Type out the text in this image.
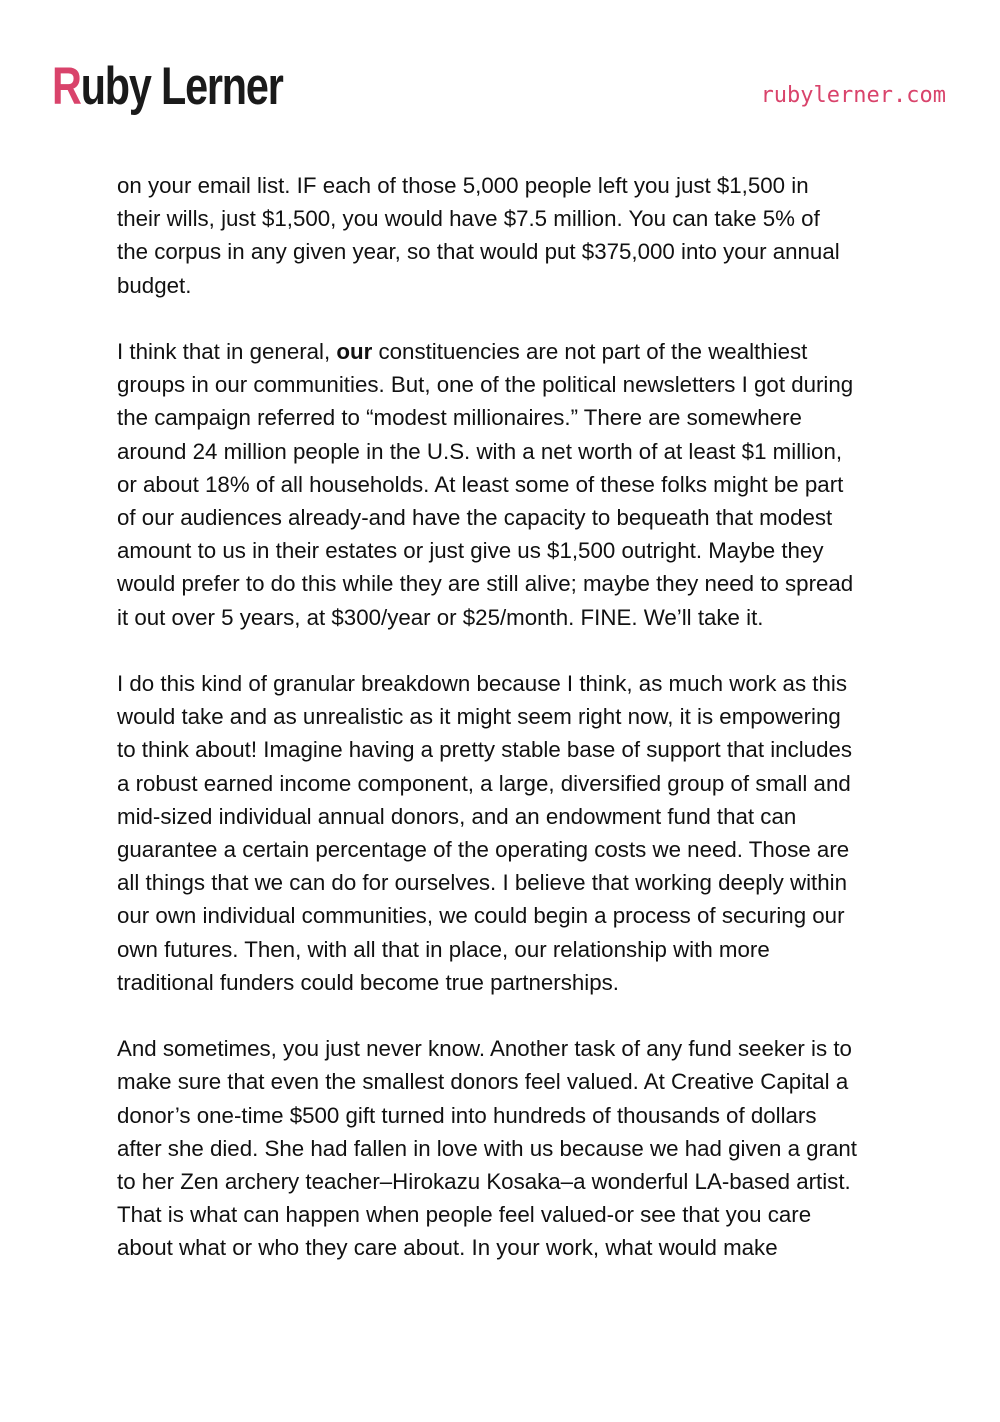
Ruby Lerner	rubylerner.com

on your email list. IF each of those 5,000 people left you just $1,500 in
their wills, just $1,500, you would have $7.5 million. You can take 5% of
the corpus in any given year, so that would put $375,000 into your annual
budget.

I think that in general, our constituencies are not part of the wealthiest
groups in our communities. But, one of the political newsletters I got during
the campaign referred to “modest millionaires.” There are somewhere
around 24 million people in the U.S. with a net worth of at least $1 million,
or about 18% of all households. At least some of these folks might be part
of our audiences already-and have the capacity to bequeath that modest
amount to us in their estates or just give us $1,500 outright. Maybe they
would prefer to do this while they are still alive; maybe they need to spread
it out over 5 years, at $300/year or $25/month. FINE. We’ll take it.

I do this kind of granular breakdown because I think, as much work as this
would take and as unrealistic as it might seem right now, it is empowering
to think about! Imagine having a pretty stable base of support that includes
a robust earned income component, a large, diversified group of small and
mid-sized individual annual donors, and an endowment fund that can
guarantee a certain percentage of the operating costs we need. Those are
all things that we can do for ourselves. I believe that working deeply within
our own individual communities, we could begin a process of securing our
own futures. Then, with all that in place, our relationship with more
traditional funders could become true partnerships.

And sometimes, you just never know. Another task of any fund seeker is to
make sure that even the smallest donors feel valued. At Creative Capital a
donor’s one-time $500 gift turned into hundreds of thousands of dollars
after she died. She had fallen in love with us because we had given a grant
to her Zen archery teacher–Hirokazu Kosaka–a wonderful LA-based artist.
That is what can happen when people feel valued-or see that you care
about what or who they care about. In your work, what would make
